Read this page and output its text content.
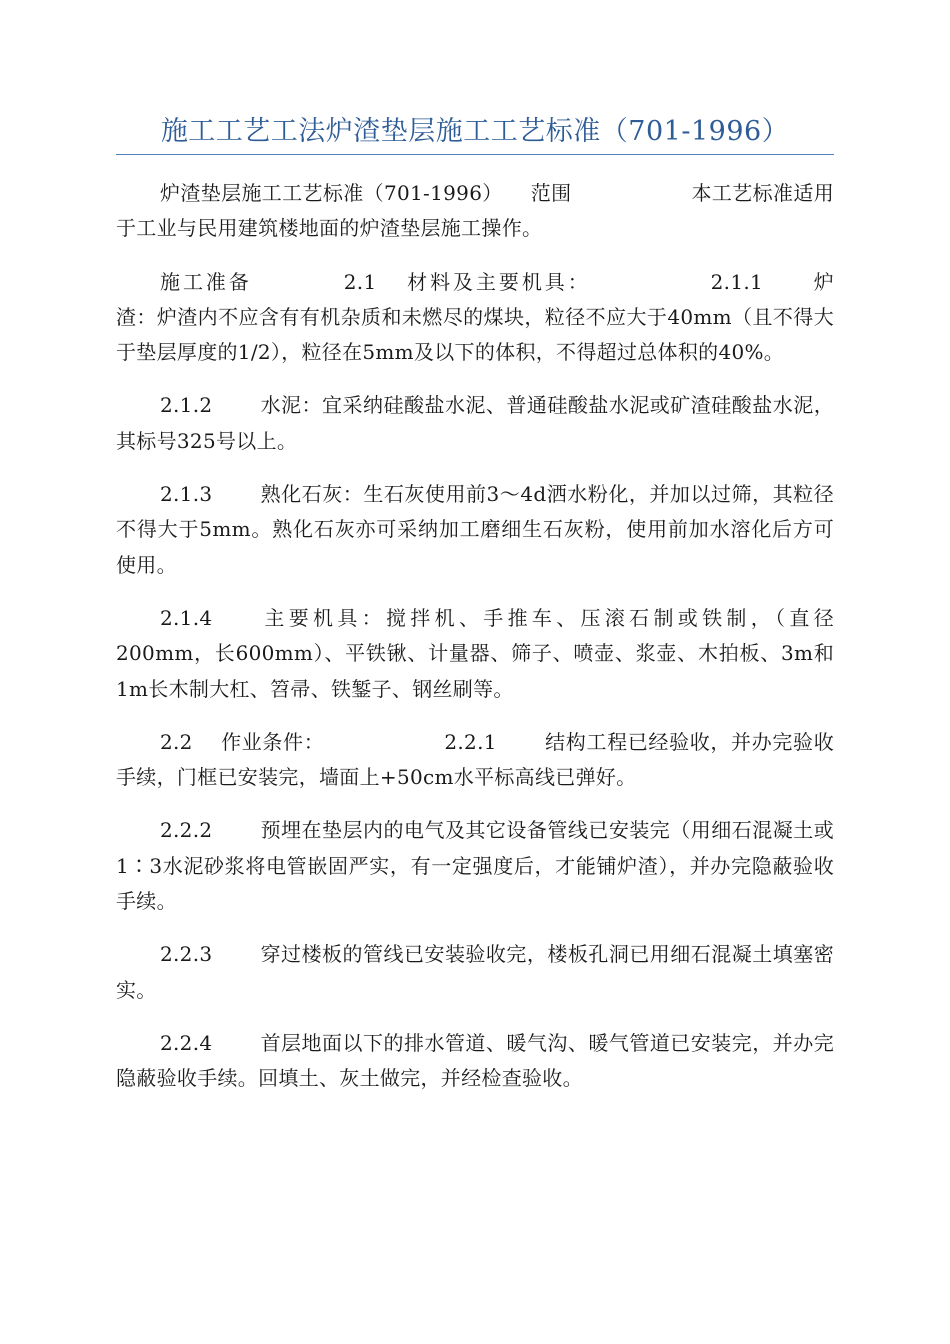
施工工艺工法炉渣垫层施工工艺标准（701-1996）

炉渣垫层施工工艺标准（701-1996） 范围	本工艺标准适用于工业与民用建筑楼地面的炉渣垫层施工操作。

施工准备	2.1 材料及主要机具：	2.1.1 炉渣：炉渣内不应含有有机杂质和未燃尽的煤块，粒径不应大于40mm（且不得大于垫层厚度的1/2），粒径在5mm及以下的体积，不得超过总体积的40%。

2.1.2 水泥：宜采纳硅酸盐水泥、普通硅酸盐水泥或矿渣硅酸盐水泥，其标号325号以上。

2.1.3 熟化石灰：生石灰使用前3～4d洒水粉化，并加以过筛，其粒径不得大于5mm。熟化石灰亦可采纳加工磨细生石灰粉，使用前加水溶化后方可使用。

2.1.4 主要机具：搅拌机、手推车、压滚石制或铁制，（直径200mm，长600mm）、平铁锹、计量器、筛子、喷壶、浆壶、木拍板、3m和1m长木制大杠、笤帚、铁錾子、钢丝刷等。

2.2 作业条件：	2.2.1 结构工程已经验收，并办完验收手续，门框已安装完，墙面上+50cm水平标高线已弹好。

2.2.2 预埋在垫层内的电气及其它设备管线已安装完（用细石混凝土或1∶3水泥砂浆将电管嵌固严实，有一定强度后，才能铺炉渣），并办完隐蔽验收手续。

2.2.3 穿过楼板的管线已安装验收完，楼板孔洞已用细石混凝土填塞密实。

2.2.4 首层地面以下的排水管道、暖气沟、暖气管道已安装完，并办完隐蔽验收手续。回填土、灰土做完，并经检查验收。
